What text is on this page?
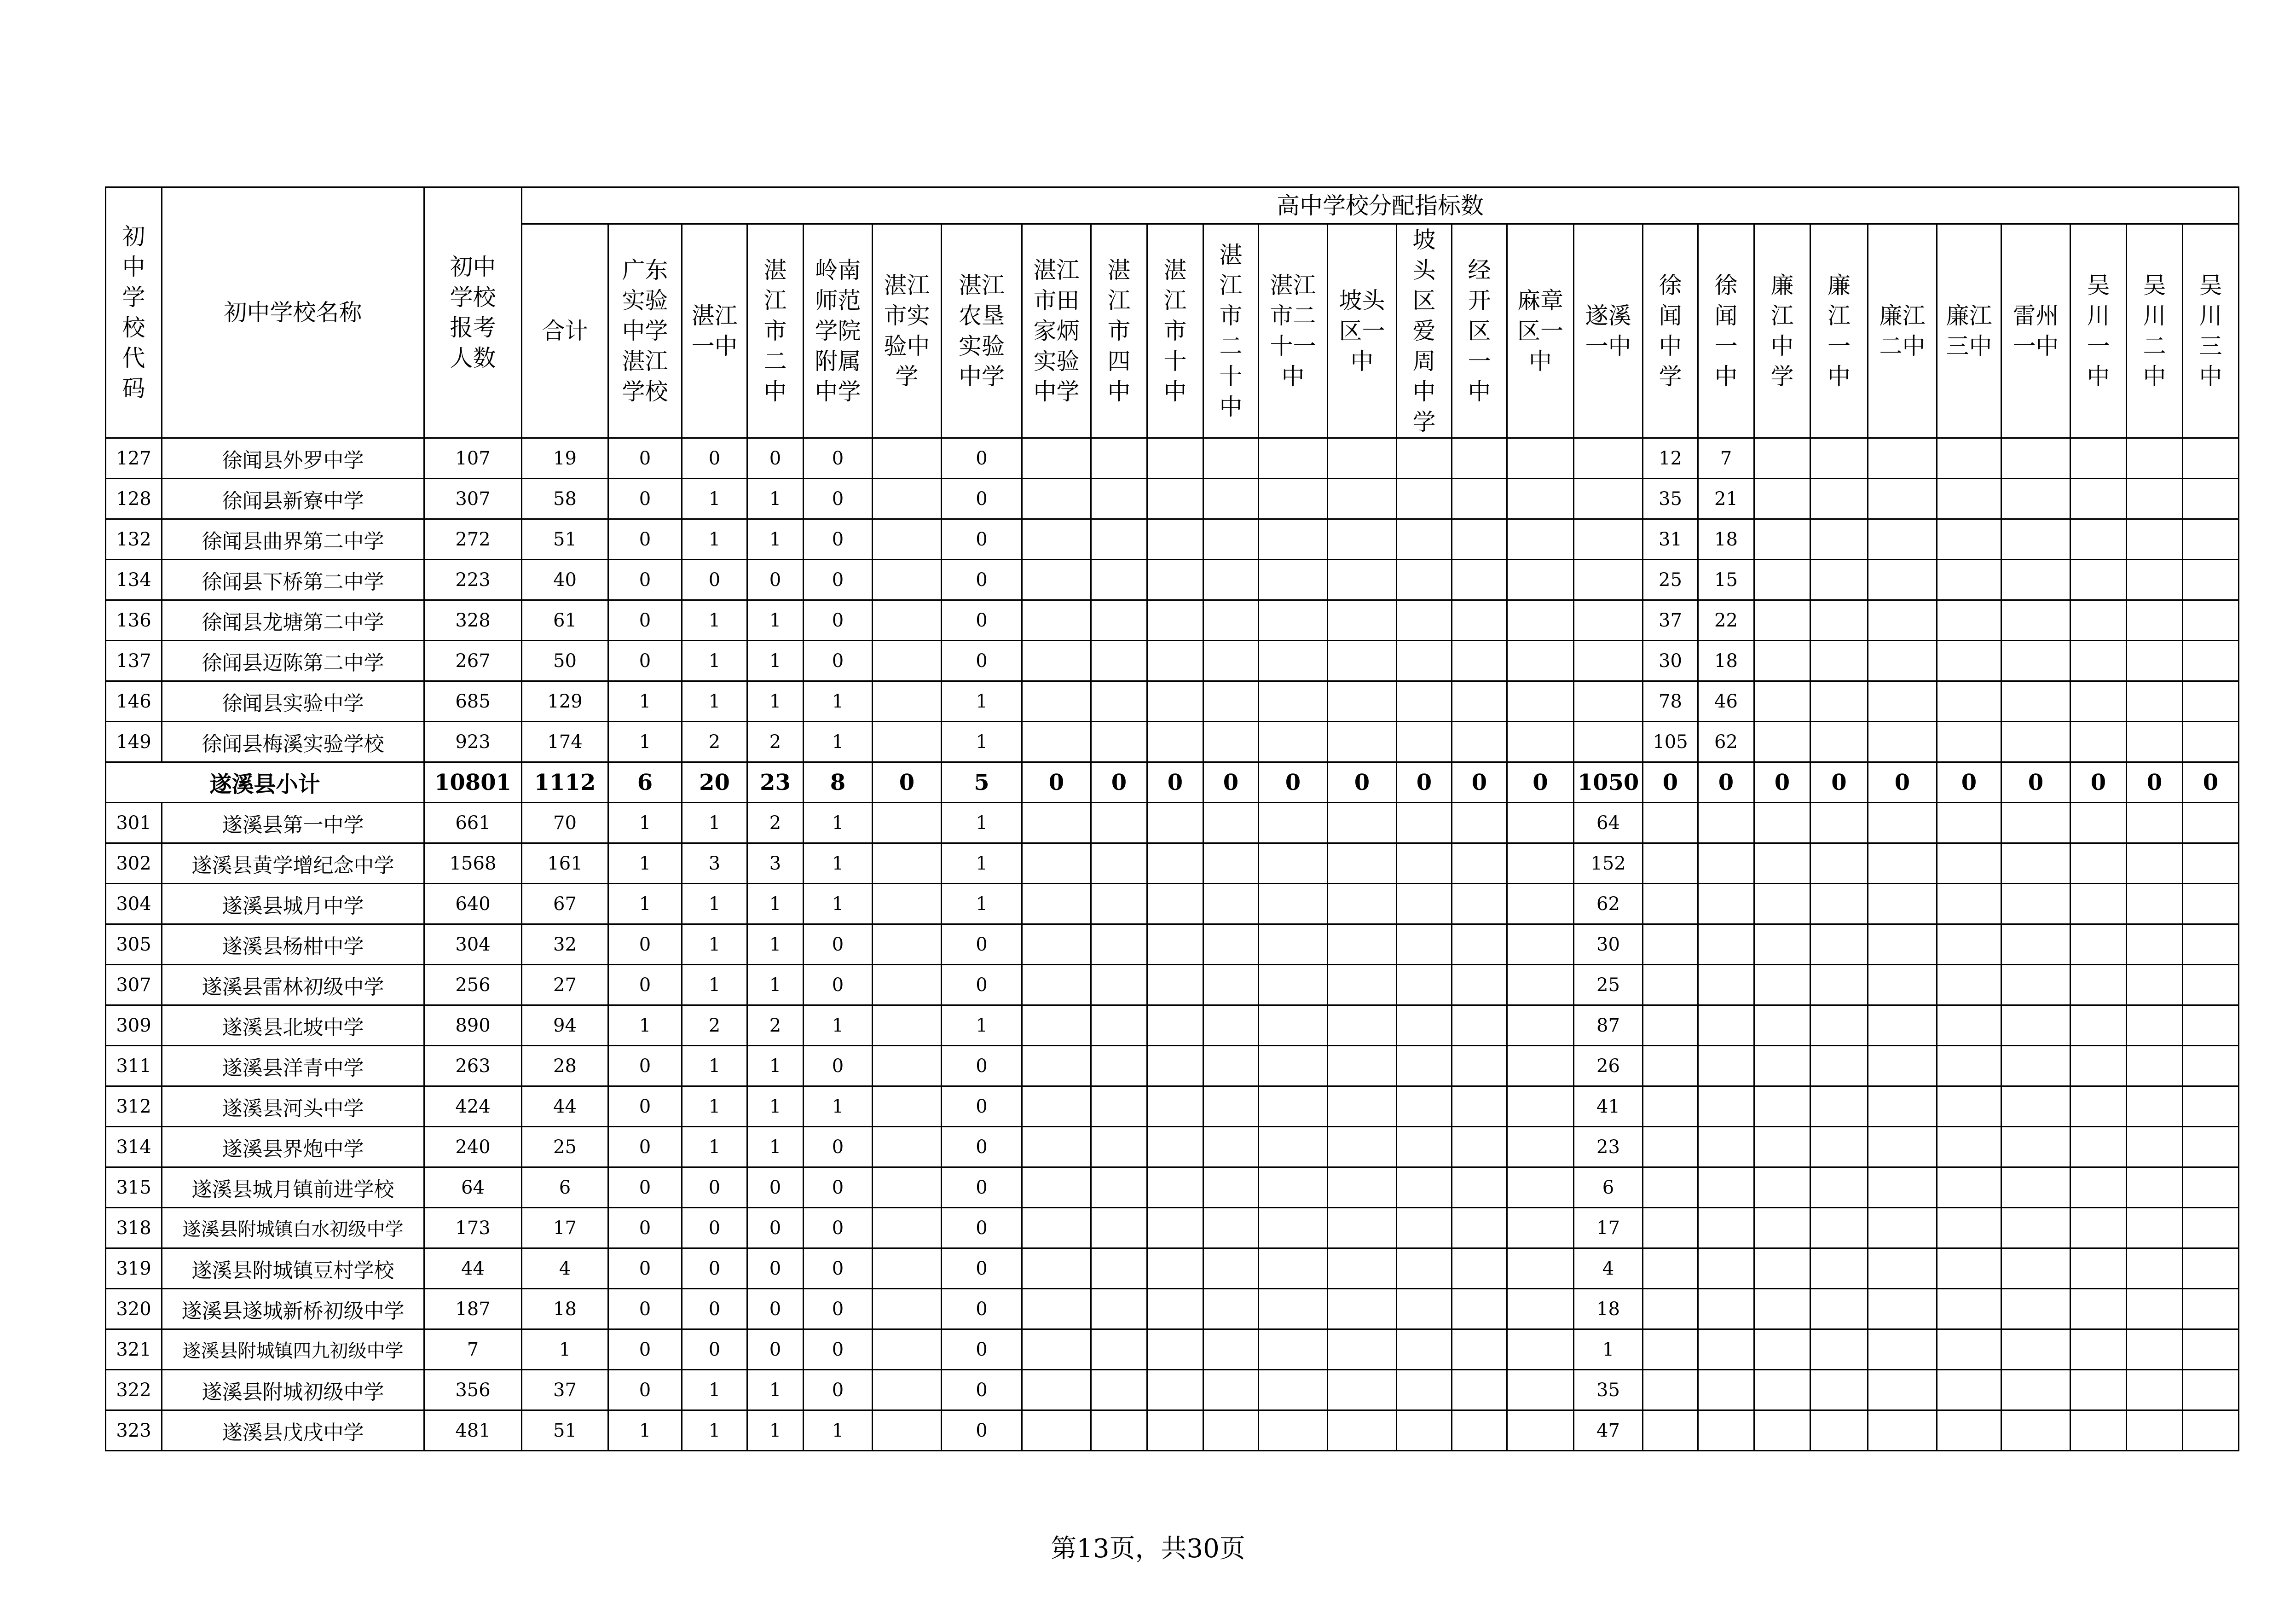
初中学校代码	初中学校名称	初中学校报考人数	高中学校分配指标数																										
			合计	广东实验中学湛江学校	湛江一中	湛江市二中	岭南师范学院附属中学	湛江市实验中学	湛江农垦实验中学	湛江市田家炳实验中学	湛江市四中	湛江市十中	湛江市二十中	湛江市二十一中	坡头区一中	坡头区爱周中学	经开区一中	麻章区一中	遂溪一中	徐闻中学	徐闻一中	廉江中学	廉江一中	廉江二中	廉江三中	雷州一中	吴川一中	吴川二中	吴川三中
127	徐闻县外罗中学	107	19	0	0	0	0		0											12	7								
128	徐闻县新寮中学	307	58	0	1	1	0		0											35	21								
132	徐闻县曲界第二中学	272	51	0	1	1	0		0											31	18								
134	徐闻县下桥第二中学	223	40	0	0	0	0		0											25	15								
136	徐闻县龙塘第二中学	328	61	0	1	1	0		0											37	22								
137	徐闻县迈陈第二中学	267	50	0	1	1	0		0											30	18								
146	徐闻县实验中学	685	129	1	1	1	1		1											78	46								
149	徐闻县梅溪实验学校	923	174	1	2	2	1		1											105	62								
遂溪县小计		10801	1112	6	20	23	8	0	5	0	0	0	0	0	0	0	0	0	1050	0	0	0	0	0	0	0	0	0	0
301	遂溪县第一中学	661	70	1	1	2	1		1										64										
302	遂溪县黄学增纪念中学	1568	161	1	3	3	1		1										152										
304	遂溪县城月中学	640	67	1	1	1	1		1										62										
305	遂溪县杨柑中学	304	32	0	1	1	0		0										30										
307	遂溪县雷林初级中学	256	27	0	1	1	0		0										25										
309	遂溪县北坡中学	890	94	1	2	2	1		1										87										
311	遂溪县洋青中学	263	28	0	1	1	0		0										26										
312	遂溪县河头中学	424	44	0	1	1	1		0										41										
314	遂溪县界炮中学	240	25	0	1	1	0		0										23										
315	遂溪县城月镇前进学校	64	6	0	0	0	0		0										6										
318	遂溪县附城镇白水初级中学	173	17	0	0	0	0		0										17										
319	遂溪县附城镇豆村学校	44	4	0	0	0	0		0										4										
320	遂溪县遂城新桥初级中学	187	18	0	0	0	0		0										18										
321	遂溪县附城镇四九初级中学	7	1	0	0	0	0		0										1										
322	遂溪县附城初级中学	356	37	0	1	1	0		0										35										
323	遂溪县戊戌中学	481	51	1	1	1	1		0										47										
第13页，共30页
